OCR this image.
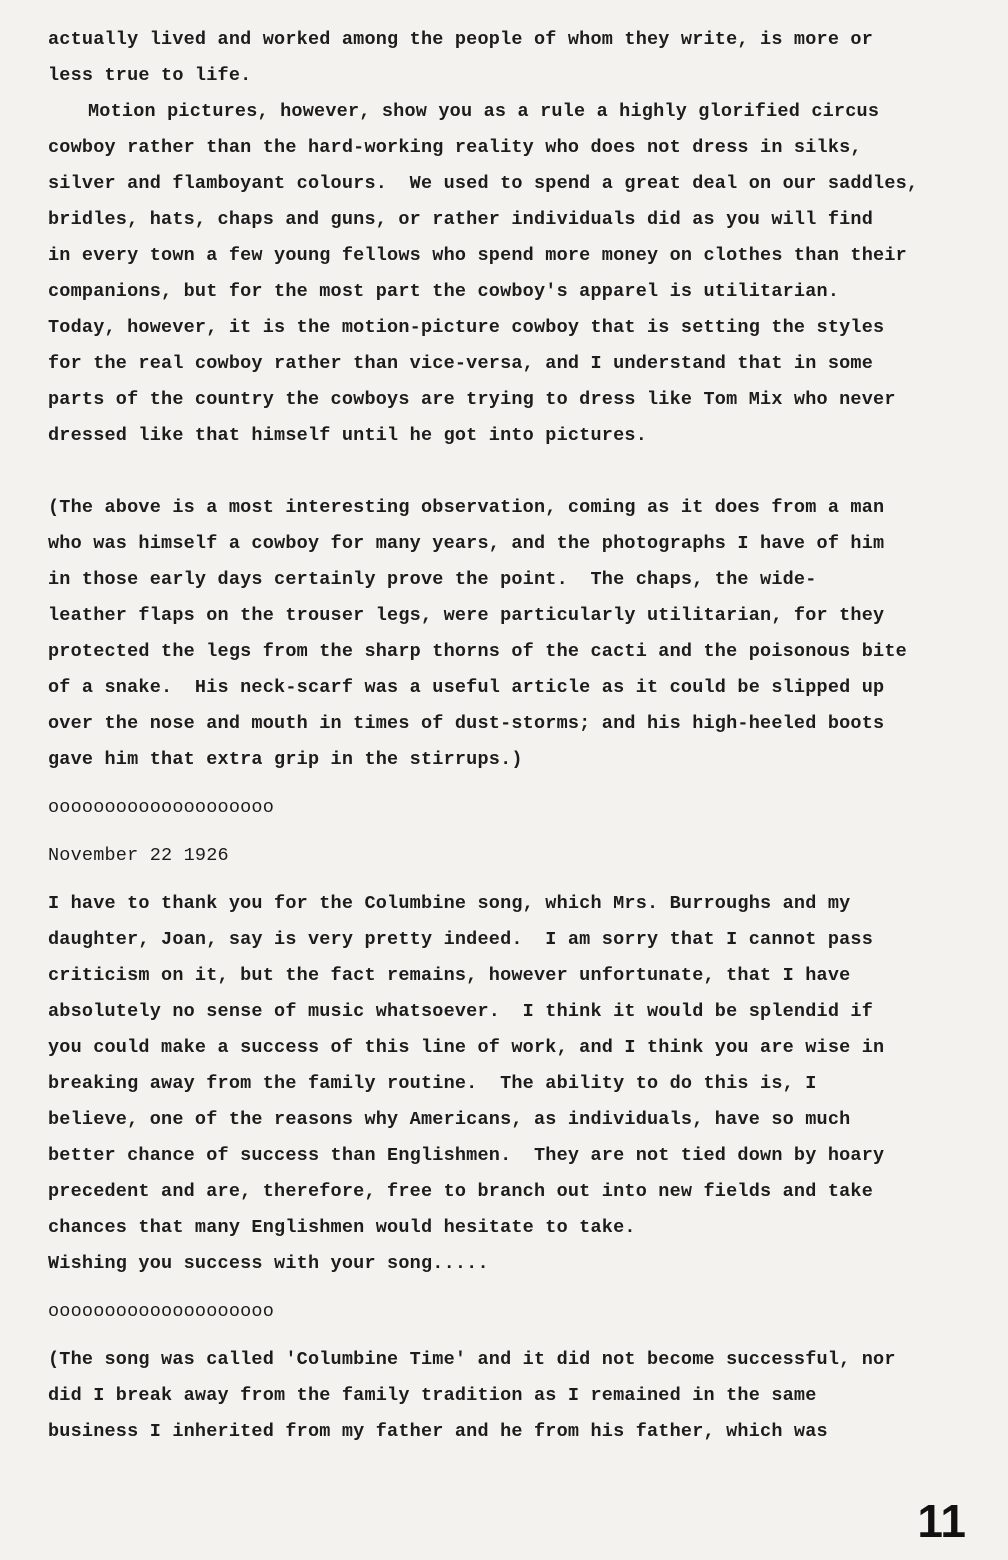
actually lived and worked among the people of whom they write, is more or
less true to life.
Motion pictures, however, show you as a rule a highly glorified circus
cowboy rather than the hard-working reality who does not dress in silks,
silver and flamboyant colours.  We used to spend a great deal on our saddles,
bridles, hats, chaps and guns, or rather individuals did as you will find
in every town a few young fellows who spend more money on clothes than their
companions, but for the most part the cowboy's apparel is utilitarian.
Today, however, it is the motion-picture cowboy that is setting the styles
for the real cowboy rather than vice-versa, and I understand that in some
parts of the country the cowboys are trying to dress like Tom Mix who never
dressed like that himself until he got into pictures.
(The above is a most interesting observation, coming as it does from a man
who was himself a cowboy for many years, and the photographs I have of him
in those early days certainly prove the point.  The chaps, the wide-
leather flaps on the trouser legs, were particularly utilitarian, for they
protected the legs from the sharp thorns of the cacti and the poisonous bite
of a snake.  His neck-scarf was a useful article as it could be slipped up
over the nose and mouth in times of dust-storms; and his high-heeled boots
gave him that extra grip in the stirrups.)
oooooooooooooooooooo
November 22 1926
I have to thank you for the Columbine song, which Mrs. Burroughs and my
daughter, Joan, say is very pretty indeed.  I am sorry that I cannot pass
criticism on it, but the fact remains, however unfortunate, that I have
absolutely no sense of music whatsoever.  I think it would be splendid if
you could make a success of this line of work, and I think you are wise in
breaking away from the family routine.  The ability to do this is, I
believe, one of the reasons why Americans, as individuals, have so much
better chance of success than Englishmen.  They are not tied down by hoary
precedent and are, therefore, free to branch out into new fields and take
chances that many Englishmen would hesitate to take.
Wishing you success with your song.....
oooooooooooooooooooo
(The song was called 'Columbine Time' and it did not become successful, nor
did I break away from the family tradition as I remained in the same
business I inherited from my father and he from his father, which was
11
